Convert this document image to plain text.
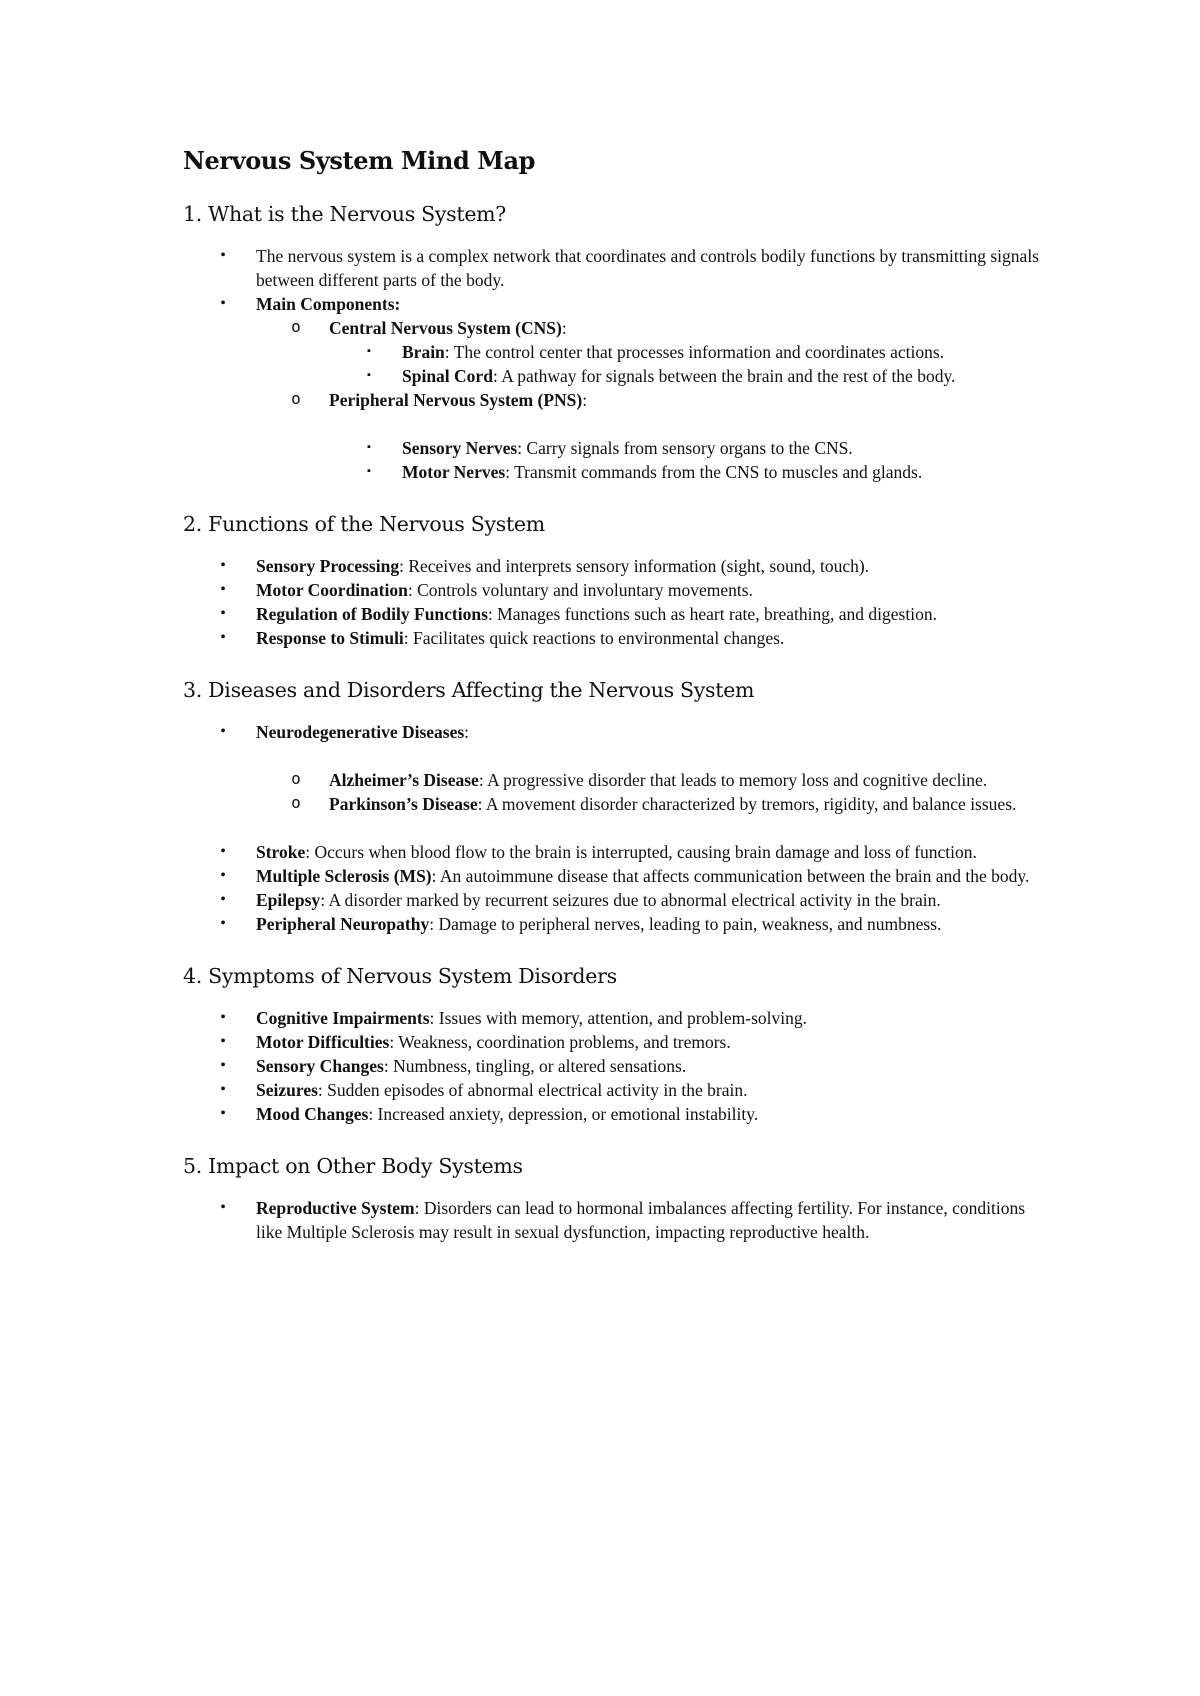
Nervous System Mind Map
1. What is the Nervous System?
•	The nervous system is a complex network that coordinates and controls bodily functions by transmitting signals between different parts of the body.
•	Main Components:
o Central Nervous System (CNS):
▪	Brain: The control center that processes information and coordinates actions.
▪	Spinal Cord: A pathway for signals between the brain and the rest of the body.
o Peripheral Nervous System (PNS):
▪	Sensory Nerves: Carry signals from sensory organs to the CNS.
▪	Motor Nerves: Transmit commands from the CNS to muscles and glands.
2. Functions of the Nervous System
•	Sensory Processing: Receives and interprets sensory information (sight, sound, touch).
•	Motor Coordination: Controls voluntary and involuntary movements.
•	Regulation of Bodily Functions: Manages functions such as heart rate, breathing, and digestion.
•	Response to Stimuli: Facilitates quick reactions to environmental changes.
3. Diseases and Disorders Affecting the Nervous System
•	Neurodegenerative Diseases:
o Alzheimer’s Disease: A progressive disorder that leads to memory loss and cognitive decline.
o Parkinson’s Disease: A movement disorder characterized by tremors, rigidity, and balance issues.
•	Stroke: Occurs when blood flow to the brain is interrupted, causing brain damage and loss of function.
•	Multiple Sclerosis (MS): An autoimmune disease that affects communication between the brain and the body.
•	Epilepsy: A disorder marked by recurrent seizures due to abnormal electrical activity in the brain.
•	Peripheral Neuropathy: Damage to peripheral nerves, leading to pain, weakness, and numbness.
4. Symptoms of Nervous System Disorders
•	Cognitive Impairments: Issues with memory, attention, and problem-solving.
•	Motor Difficulties: Weakness, coordination problems, and tremors.
•	Sensory Changes: Numbness, tingling, or altered sensations.
•	Seizures: Sudden episodes of abnormal electrical activity in the brain.
•	Mood Changes: Increased anxiety, depression, or emotional instability.
5. Impact on Other Body Systems
•	Reproductive System: Disorders can lead to hormonal imbalances affecting fertility. For instance, conditions like Multiple Sclerosis may result in sexual dysfunction, impacting reproductive health.
